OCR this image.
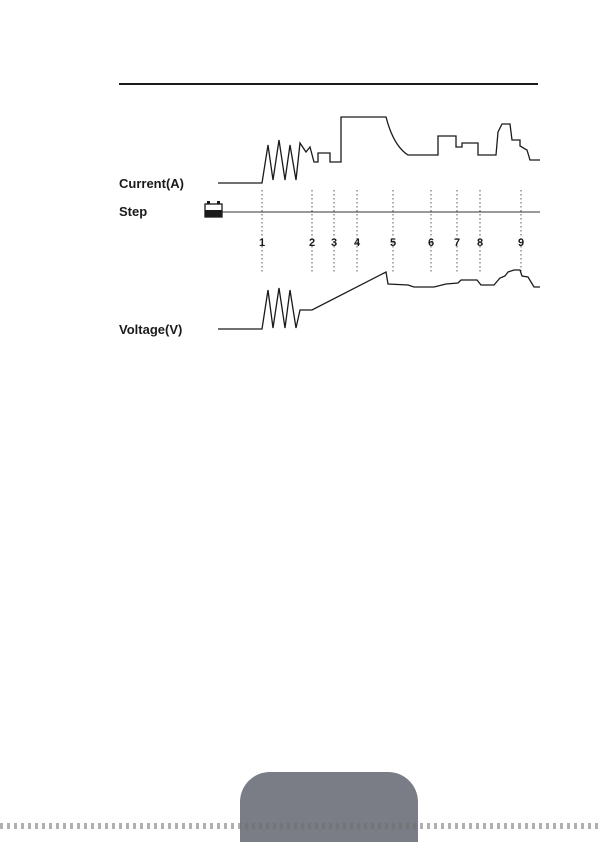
1	2 3 4	5	6 7 8	9
Current(A)
Step
Voltage(V)
